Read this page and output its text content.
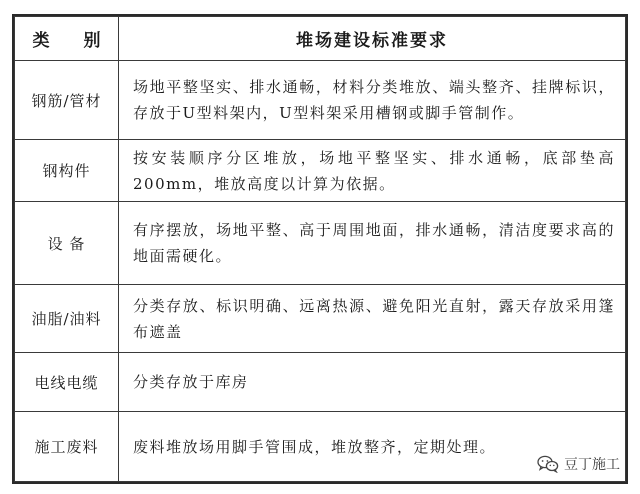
类 别	堆场建设标准要求
钢筋/管材	场地平整坚实、排水通畅，材料分类堆放、端头整齐、挂牌标识，存放于U型料架内，U型料架采用槽钢或脚手管制作。
钢构件	按安装顺序分区堆放，场地平整坚实、排水通畅，底部垫高200mm，堆放高度以计算为依据。
设 备	有序摆放，场地平整、高于周围地面，排水通畅，清洁度要求高的地面需硬化。
油脂/油料	分类存放、标识明确、远离热源、避免阳光直射，露天存放采用篷布遮盖
电线电缆	分类存放于库房
施工废料	废料堆放场用脚手管围成，堆放整齐，定期处理。
豆丁施工
